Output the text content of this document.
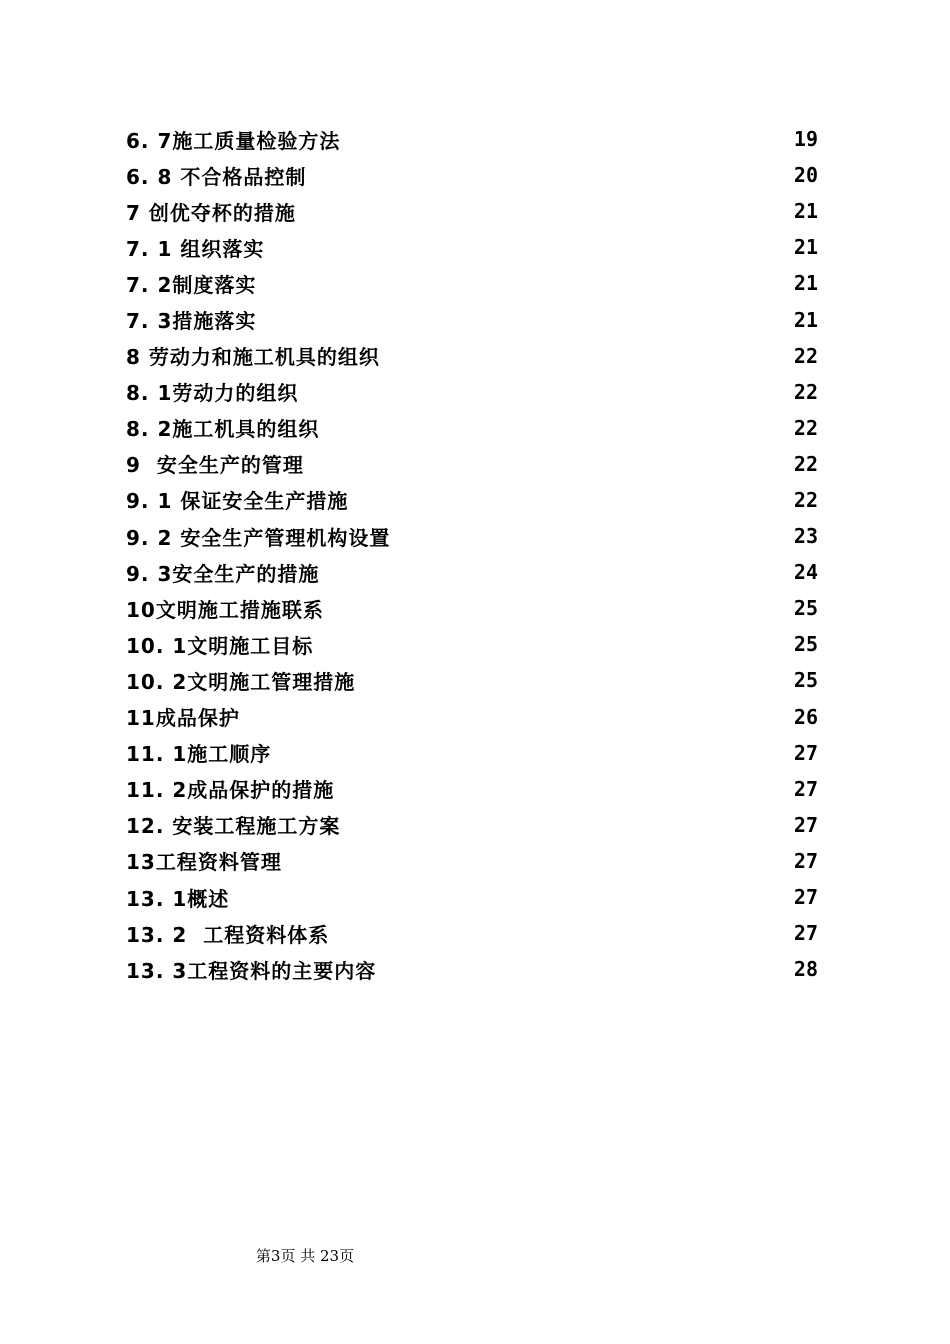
6. 7施工质量检验方法	19
6. 8 不合格品控制	20
7 创优夺杯的措施	21
7. 1 组织落实	21
7. 2制度落实	21
7. 3措施落实	21
8 劳动力和施工机具的组织	22
8. 1劳动力的组织	22
8. 2施工机具的组织	22
9  安全生产的管理	22
9. 1 保证安全生产措施	22
9. 2 安全生产管理机构设置	23
9. 3安全生产的措施	24
10文明施工措施联系	25
10. 1文明施工目标	25
10. 2文明施工管理措施	25
11成品保护	26
11. 1施工顺序	27
11. 2成品保护的措施	27
12. 安装工程施工方案	27
13工程资料管理	27
13. 1概述	27
13. 2  工程资料体系	27
13. 3工程资料的主要内容	28
第3页 共 23页
